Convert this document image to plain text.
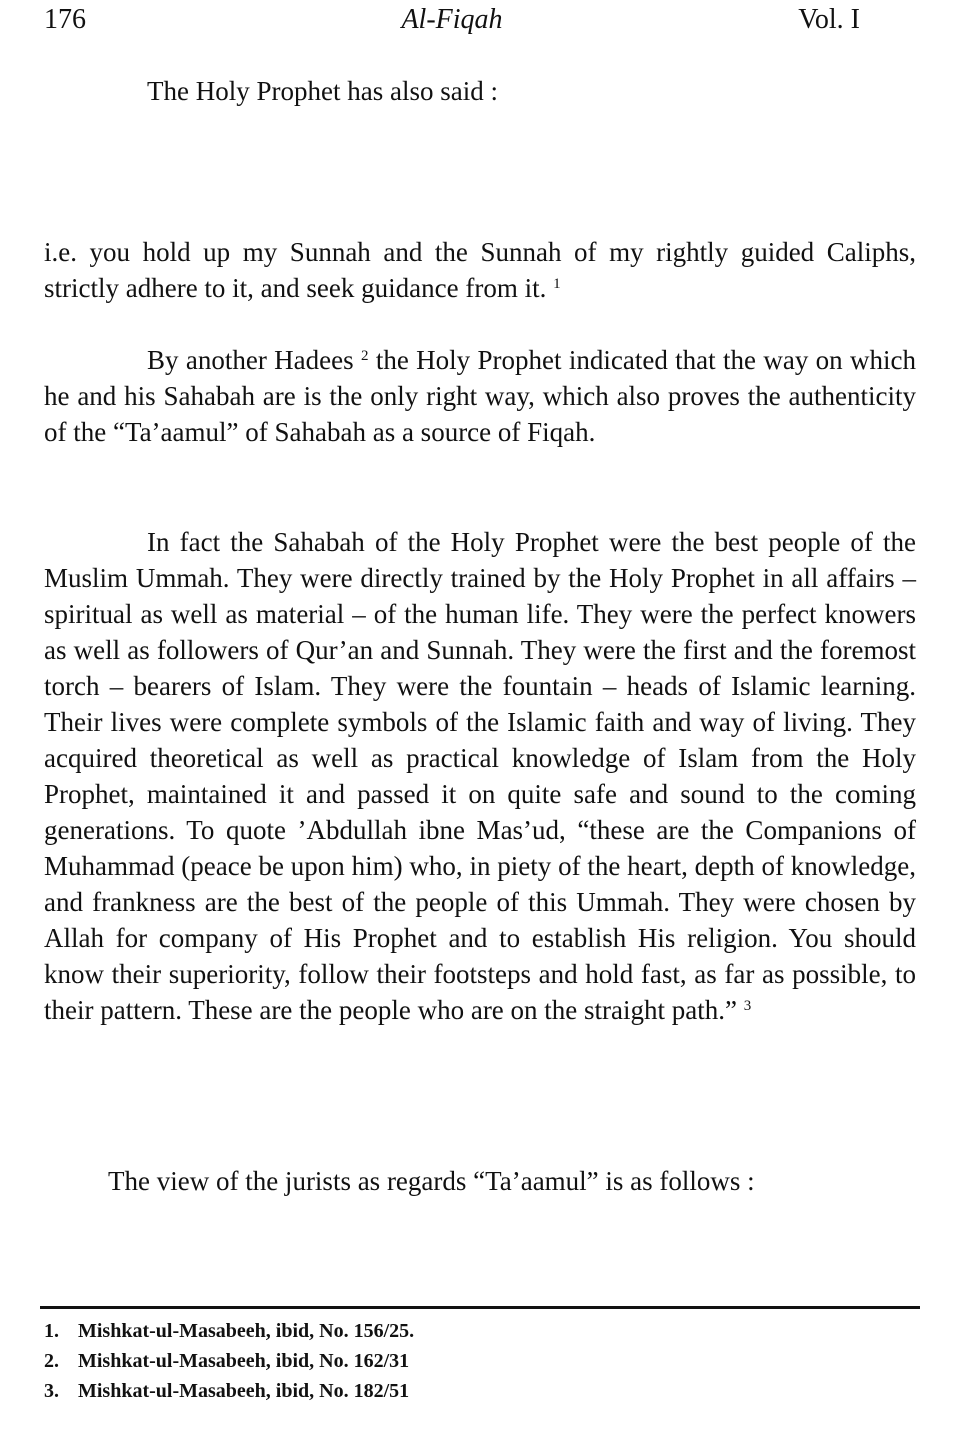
176	Al-Fiqah	Vol. I
The Holy Prophet has also said :
i.e. you hold up my Sunnah and the Sunnah of my rightly guided Caliphs, strictly adhere to it, and seek guidance from it. $^1$
By another Hadees $^2$ the Holy Prophet indicated that the way on which he and his Sahabah are is the only right way, which also proves the authenticity of the “Ta’aamul” of Sahabah as a source of Fiqah.
In fact the Sahabah of the Holy Prophet were the best people of the Muslim Ummah. They were directly trained by the Holy Prophet in all affairs – spiritual as well as material – of the human life. They were the perfect knowers as well as followers of Qur’an and Sunnah. They were the first and the foremost torch – bearers of Islam. They were the fountain – heads of Islamic learning. Their lives were complete symbols of the Islamic faith and way of living. They acquired theoretical as well as practical knowledge of Islam from the Holy Prophet, maintained it and passed it on quite safe and sound to the coming generations. To quote ’Abdullah ibne Mas’ud, “these are the Companions of Muhammad (peace be upon him) who, in piety of the heart, depth of knowledge, and frankness are the best of the people of this Ummah. They were chosen by Allah for company of His Prophet and to establish His religion. You should know their superiority, follow their footsteps and hold fast, as far as possible, to their pattern. These are the people who are on the straight path.” $^3$
The view of the jurists as regards “Ta’aamul” is as follows :
1. Mishkat-ul-Masabeeh, ibid, No. 156/25.
2. Mishkat-ul-Masabeeh, ibid, No. 162/31
3. Mishkat-ul-Masabeeh, ibid, No. 182/51
